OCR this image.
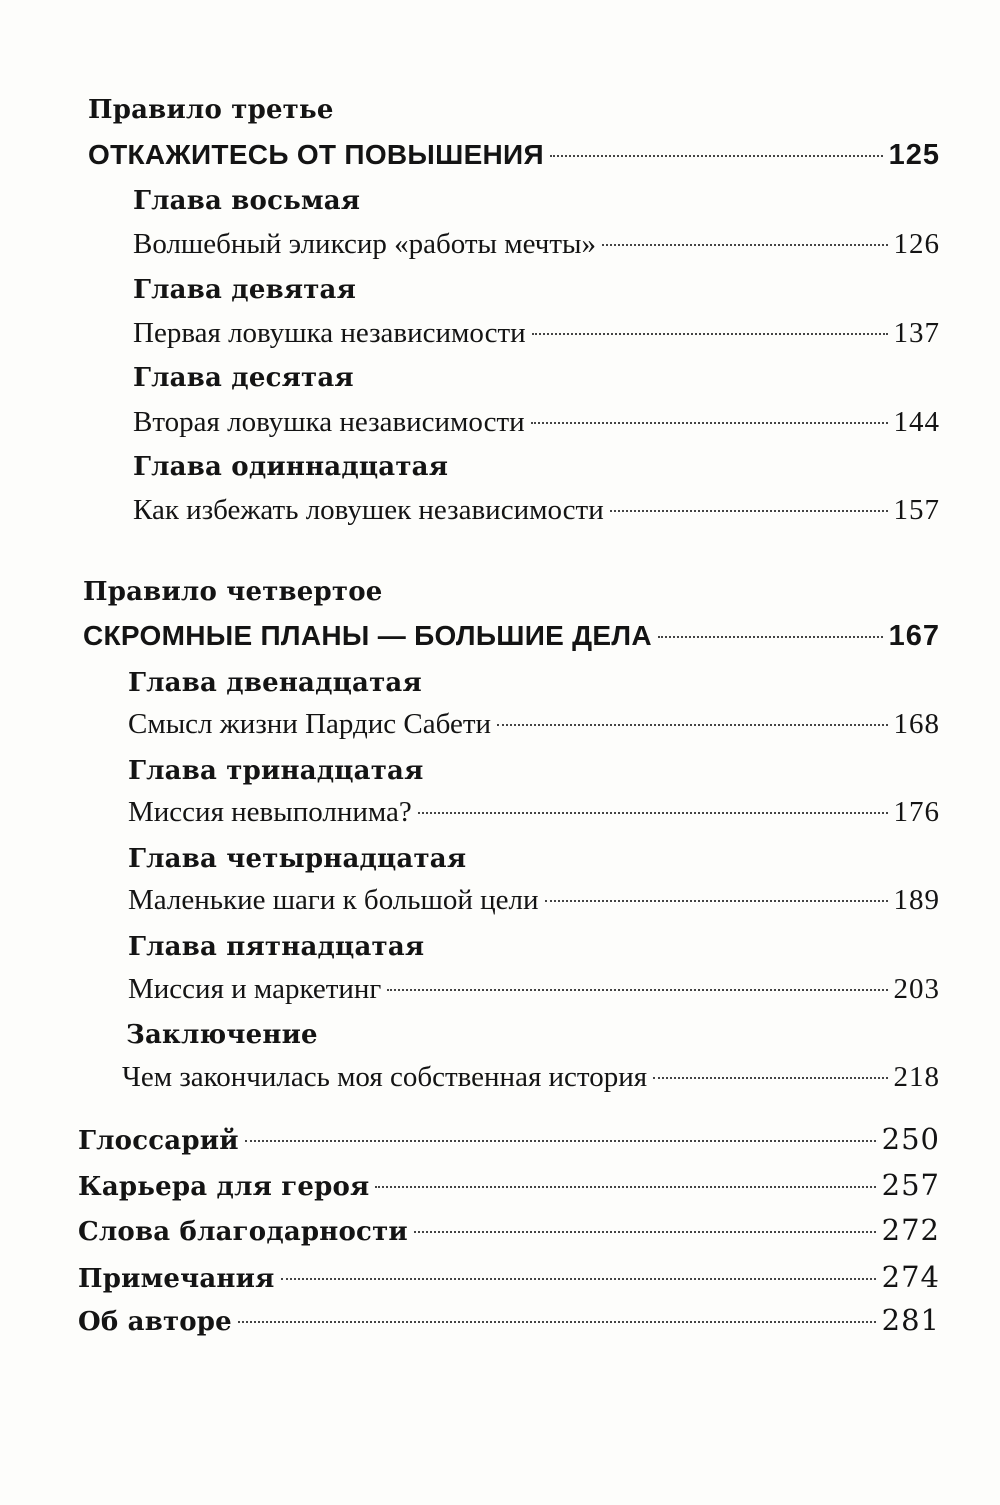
Правило третье
ОТКАЖИТЕСЬ ОТ ПОВЫШЕНИЯ	125
Глава восьмая
Волшебный эликсир «работы мечты»	126
Глава девятая
Первая ловушка независимости	137
Глава десятая
Вторая ловушка независимости	144
Глава одиннадцатая
Как избежать ловушек независимости	157
Правило четвертое
СКРОМНЫЕ ПЛАНЫ — БОЛЬШИЕ ДЕЛА	167
Глава двенадцатая
Смысл жизни Пардис Сабети	168
Глава тринадцатая
Миссия невыполнима?	176
Глава четырнадцатая
Маленькие шаги к большой цели	189
Глава пятнадцатая
Миссия и маркетинг	203
Заключение
Чем закончилась моя собственная история	218
Глоссарий	250
Карьера для героя	257
Слова благодарности	272
Примечания	274
Об авторе	281
